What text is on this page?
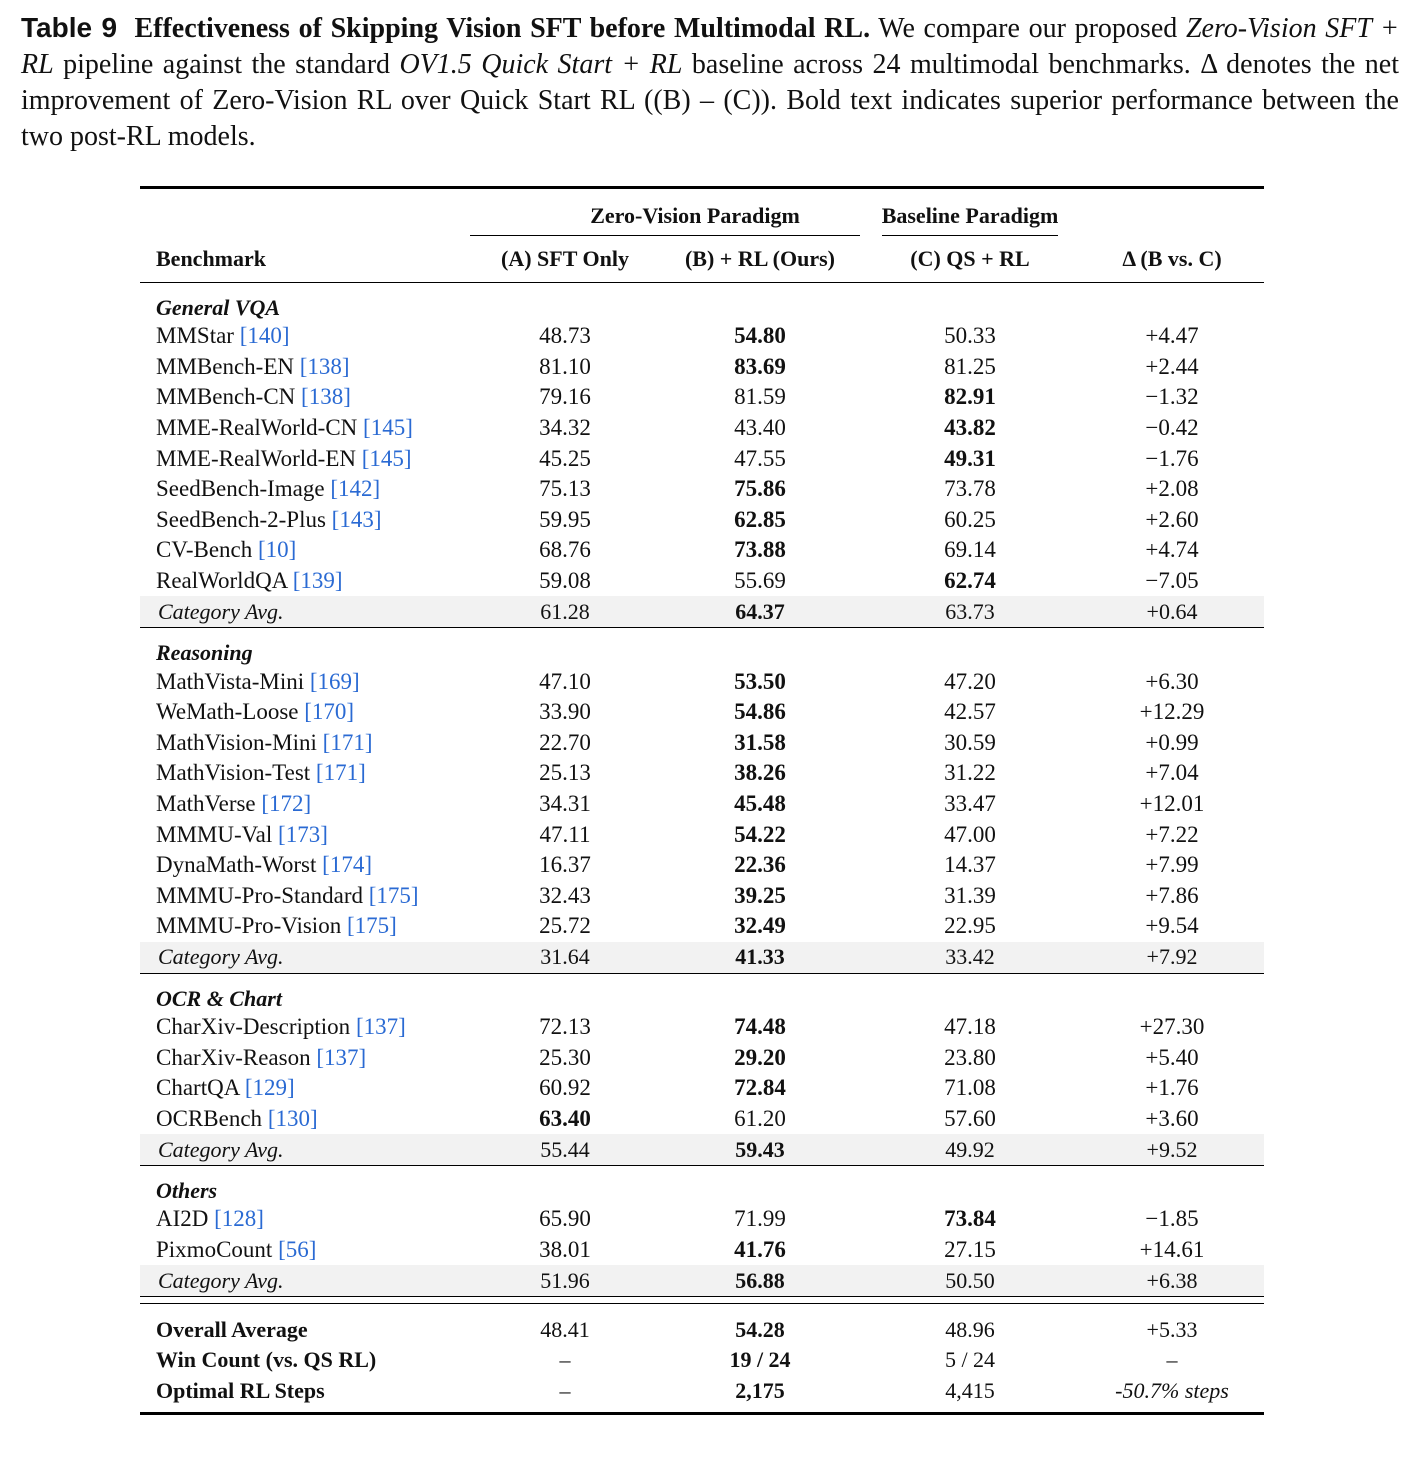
Table 9 Effectiveness of Skipping Vision SFT before Multimodal RL. We compare our proposed Zero-Vision SFT + RL pipeline against the standard OV1.5 Quick Start + RL baseline across 24 multimodal benchmarks. Δ denotes the net improvement of Zero-Vision RL over Quick Start RL ((B) – (C)). Bold text indicates superior performance between the two post-RL models.

	Zero-Vision Paradigm		Baseline Paradigm	
Benchmark	(A) SFT Only	(B) + RL (Ours)	(C) QS + RL	Δ (B vs. C)
General VQA				
MMStar [140]	48.73	54.80	50.33	+4.47
MMBench-EN [138]	81.10	83.69	81.25	+2.44
MMBench-CN [138]	79.16	81.59	82.91	−1.32
MME-RealWorld-CN [145]	34.32	43.40	43.82	−0.42
MME-RealWorld-EN [145]	45.25	47.55	49.31	−1.76
SeedBench-Image [142]	75.13	75.86	73.78	+2.08
SeedBench-2-Plus [143]	59.95	62.85	60.25	+2.60
CV-Bench [10]	68.76	73.88	69.14	+4.74
RealWorldQA [139]	59.08	55.69	62.74	−7.05
Category Avg.	61.28	64.37	63.73	+0.64
Reasoning				
MathVista-Mini [169]	47.10	53.50	47.20	+6.30
WeMath-Loose [170]	33.90	54.86	42.57	+12.29
MathVision-Mini [171]	22.70	31.58	30.59	+0.99
MathVision-Test [171]	25.13	38.26	31.22	+7.04
MathVerse [172]	34.31	45.48	33.47	+12.01
MMMU-Val [173]	47.11	54.22	47.00	+7.22
DynaMath-Worst [174]	16.37	22.36	14.37	+7.99
MMMU-Pro-Standard [175]	32.43	39.25	31.39	+7.86
MMMU-Pro-Vision [175]	25.72	32.49	22.95	+9.54
Category Avg.	31.64	41.33	33.42	+7.92
OCR & Chart				
CharXiv-Description [137]	72.13	74.48	47.18	+27.30
CharXiv-Reason [137]	25.30	29.20	23.80	+5.40
ChartQA [129]	60.92	72.84	71.08	+1.76
OCRBench [130]	63.40	61.20	57.60	+3.60
Category Avg.	55.44	59.43	49.92	+9.52
Others				
AI2D [128]	65.90	71.99	73.84	−1.85
PixmoCount [56]	38.01	41.76	27.15	+14.61
Category Avg.	51.96	56.88	50.50	+6.38

Overall Average	48.41	54.28	48.96	+5.33
Win Count (vs. QS RL)	–	19 / 24	5 / 24	–
Optimal RL Steps	–	2,175	4,415	-50.7% steps
